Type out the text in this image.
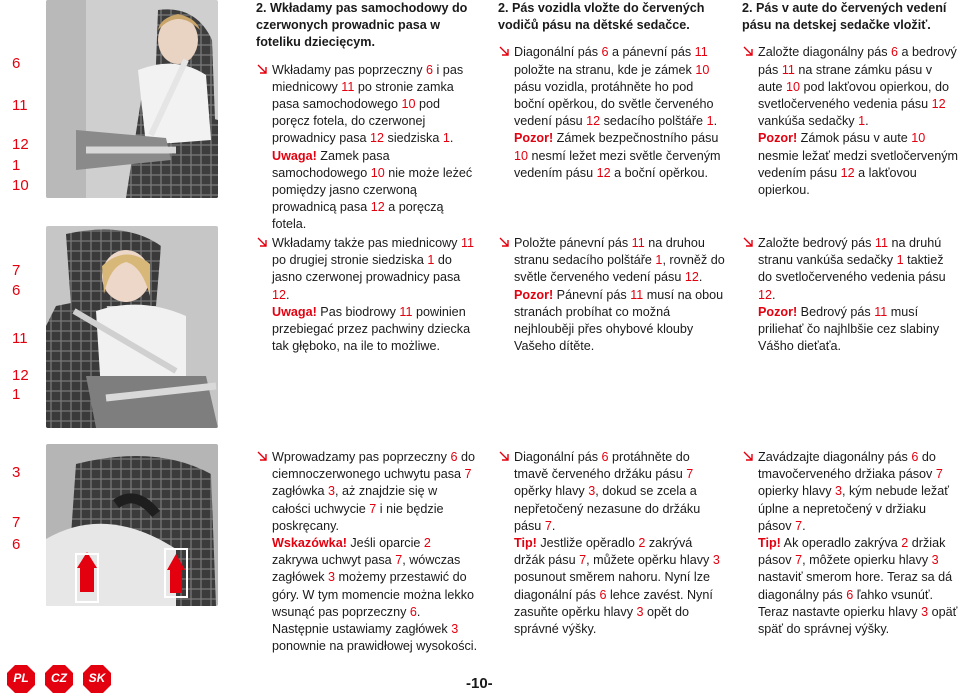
6
11
12
1
10

2. Wkładamy pas samochodowy do czerwonych prowadnic pasa w foteliku dziecięcym.

Wkładamy pas poprzeczny 6 i pas miednicowy 11 po stronie zamka pasa samochodowego 10 pod poręcz fotela, do czerwonej prowadnicy pasa 12 siedziska 1.
Uwaga! Zamek pasa samochodowego 10 nie może leżeć pomiędzy jasno czerwoną prowadnicą pasa 12 a poręczą fotela.

2. Pás vozidla vložte do červených vodičů pásu na dětské sedačce.

Diagonální pás 6 a pánevní pás 11 položte na stranu, kde je zámek 10 pásu vozidla, protáhněte ho pod boční opěrkou, do světle červeného vedení pásu 12 sedacího polštáře 1.
Pozor! Zámek bezpečnostního pásu 10 nesmí ležet mezi světle červeným vedením pásu 12 a boční opěrkou.

2. Pás v aute do červených vedení pásu na detskej sedačke vložiť.

Založte diagonálny pás 6 a bedrový pás 11 na strane zámku pásu v aute 10 pod lakťovou opierkou, do svetločerveného vedenia pásu 12 vankúša sedačky 1.
Pozor! Zámok pásu v aute 10 nesmie ležať medzi svetločerveným vedením pásu 12 a lakťovou opierkou.

7
6
11
12
1

Wkładamy także pas miednicowy 11 po drugiej stronie siedziska 1 do jasno czerwonej prowadnicy pasa 12.
Uwaga! Pas biodrowy 11 powinien przebiegać przez pachwiny dziecka tak głęboko, na ile to możliwe.

Položte pánevní pás 11 na druhou stranu sedacího polštáře 1, rovněž do světle červeného vedení pásu 12.
Pozor! Pánevní pás 11 musí na obou stranách probíhat co možná nejhlouběji přes ohybové klouby Vašeho dítěte.

Založte bedrový pás 11 na druhú stranu vankúša sedačky 1 taktiež do svetločerveného vedenia pásu 12.
Pozor! Bedrový pás 11 musí priliehať čo najhlbšie cez slabiny Vášho dieťaťa.

3
7
6

Wprowadzamy pas poprzeczny 6 do ciemnoczerwonego uchwytu pasa 7 zagłówka 3, aż znajdzie się w całości uchwycie 7 i nie będzie poskręcany.
Wskazówka! Jeśli oparcie 2 zakrywa uchwyt pasa 7, wówczas zagłówek 3 możemy przestawić do góry. W tym momencie można lekko wsunąć pas poprzeczny 6. Następnie ustawiamy zagłówek 3 ponownie na prawidłowej wysokości.

Diagonální pás 6 protáhněte do tmavě červeného držáku pásu 7 opěrky hlavy 3, dokud se zcela a nepřetočený nezasune do držáku pásu 7.
Tip! Jestliže opěradlo 2 zakrývá držák pásu 7, můžete opěrku hlavy 3 posunout směrem nahoru. Nyní lze diagonální pás 6 lehce zavést. Nyní zasuňte opěrku hlavy 3 opět do správné výšky.

Zavádzajte diagonálny pás 6 do tmavočerveného držiaka pásov 7 opierky hlavy 3, kým nebude ležať úplne a nepretočený v držiaku pásov 7.
Tip! Ak operadlo zakrýva 2 držiak pásov 7, môžete opierku hlavy 3 nastaviť smerom hore. Teraz sa dá diagonálny pás 6 ľahko vsunúť. Teraz nastavte opierku hlavy 3 opäť späť do správnej výšky.

PL	CZ	SK	-10-
